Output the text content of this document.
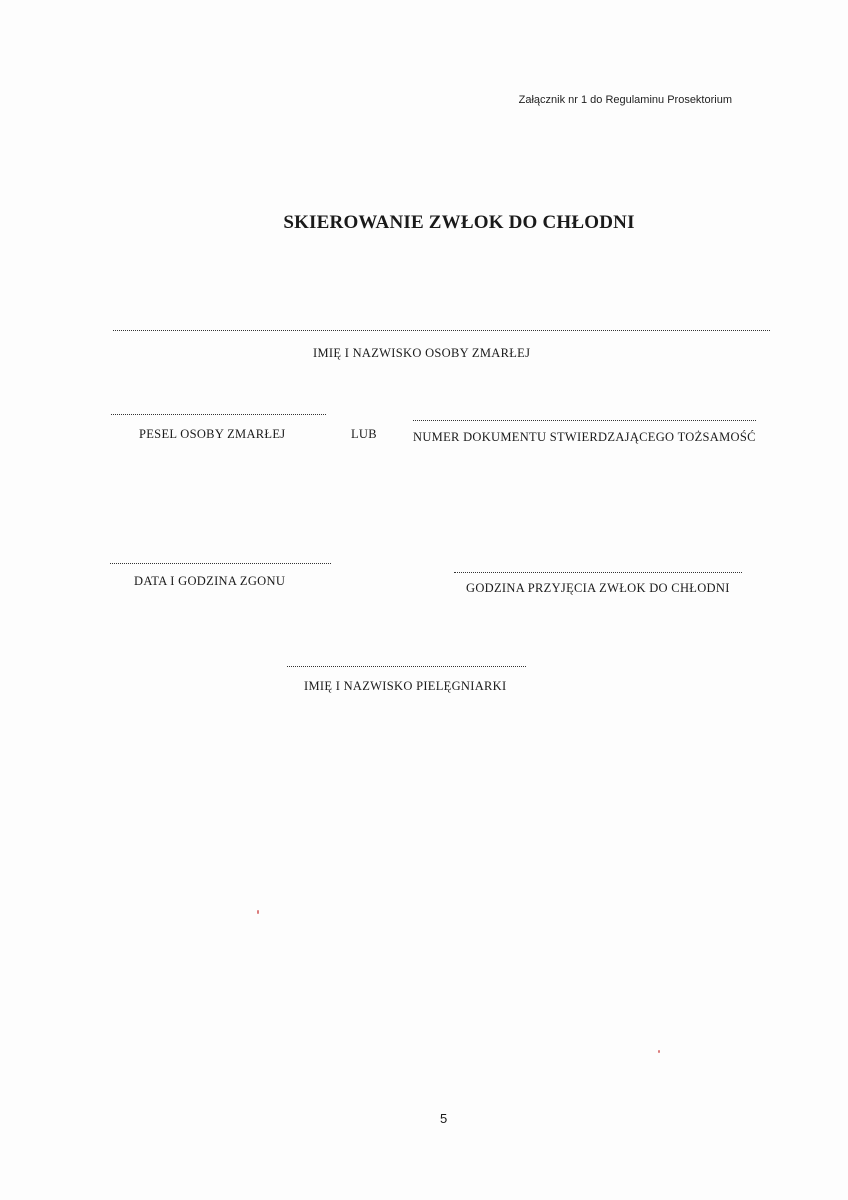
Załącznik nr 1 do Regulaminu Prosektorium
SKIEROWANIE ZWŁOK DO CHŁODNI
IMIĘ I NAZWISKO OSOBY ZMARŁEJ
PESEL OSOBY ZMARŁEJ	LUB	NUMER DOKUMENTU STWIERDZAJĄCEGO TOŻSAMOŚĆ
DATA I GODZINA ZGONU	GODZINA PRZYJĘCIA ZWŁOK DO CHŁODNI
IMIĘ I NAZWISKO PIELĘGNIARKI
5
